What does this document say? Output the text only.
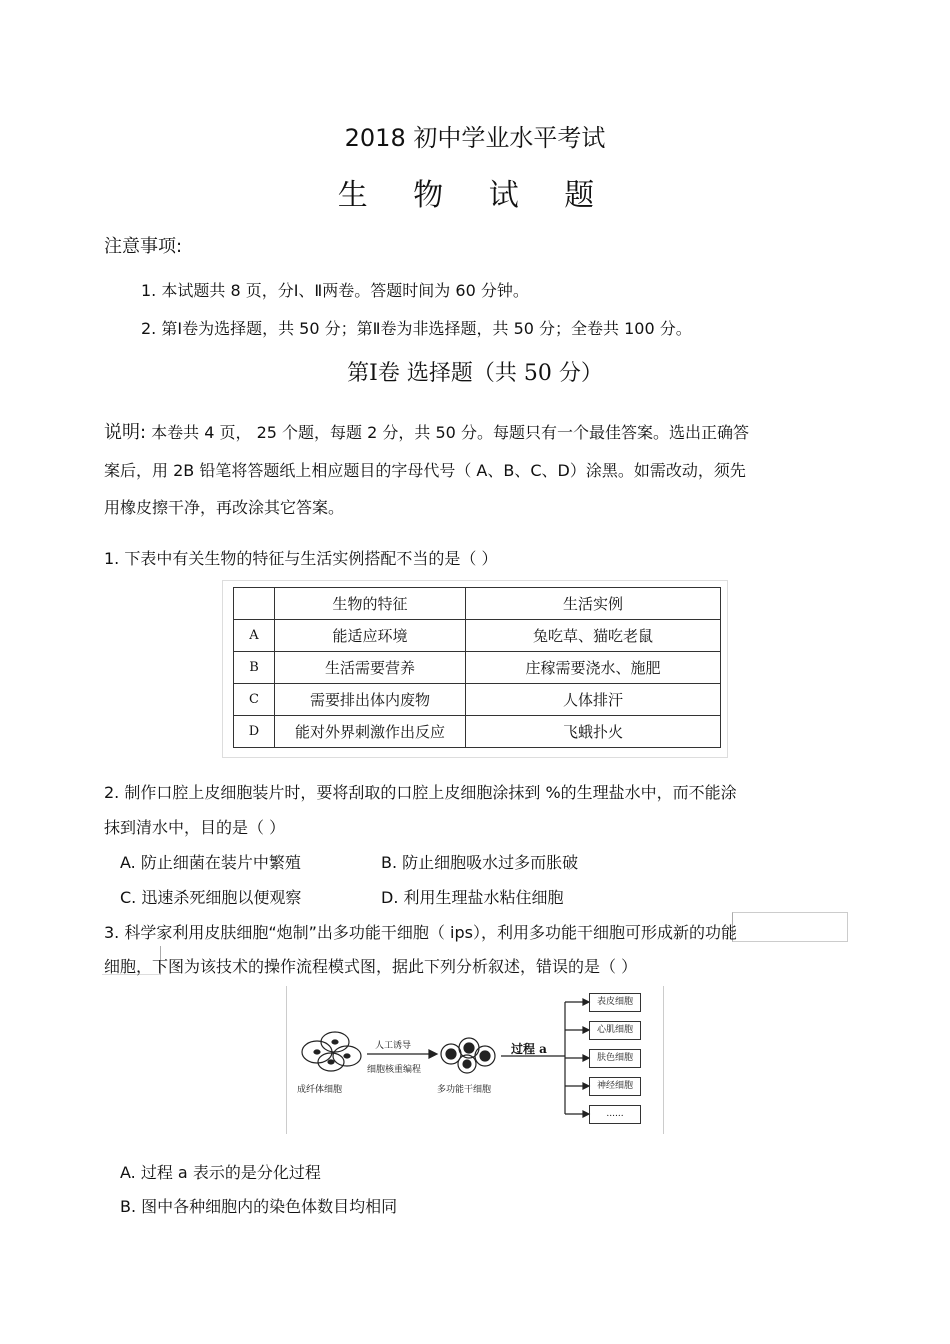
2018 初中学业水平考试
生 物 试 题
注意事项:
1. 本试题共 8 页，分Ⅰ、Ⅱ两卷。答题时间为 60 分钟。
2. 第Ⅰ卷为选择题，共 50 分；第Ⅱ卷为非选择题，共 50 分；全卷共 100 分。
第Ⅰ卷 选择题（共 50 分）
说明: 本卷共 4 页， 25 个题，每题 2 分，共 50 分。每题只有一个最佳答案。选出正确答
案后，用 2B 铅笔将答题纸上相应题目的字母代号（ A、B、C、D）涂黑。如需改动，须先
用橡皮擦干净，再改涂其它答案。
1. 下表中有关生物的特征与生活实例搭配不当的是（ ）
	生物的特征	生活实例
A	能适应环境	兔吃草、猫吃老鼠
B	生活需要营养	庄稼需要浇水、施肥
C	需要排出体内废物	人体排汗
D	能对外界刺激作出反应	飞蛾扑火
2. 制作口腔上皮细胞装片时，要将刮取的口腔上皮细胞涂抹到 %的生理盐水中，而不能涂
抹到清水中，目的是（ ）
A. 防止细菌在装片中繁殖	B. 防止细胞吸水过多而胀破
C. 迅速杀死细胞以便观察	D. 利用生理盐水粘住细胞
3. 科学家利用皮肤细胞“炮制”出多功能干细胞（ ips），利用多功能干细胞可形成新的功能
细胞，下图为该技术的操作流程模式图，据此下列分析叙述，错误的是（ ）
成纤体细胞
人工诱导
细胞核重编程
多功能干细胞
过程 a
表皮细胞
心肌细胞
肤色细胞
神经细胞
......
A. 过程 a 表示的是分化过程
B. 图中各种细胞内的染色体数目均相同
